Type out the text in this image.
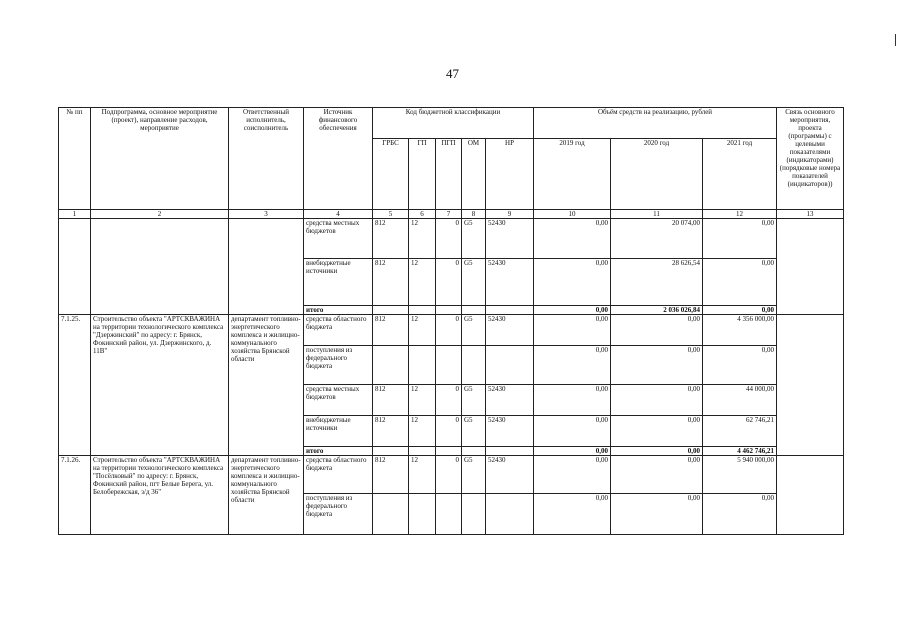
47
№ пп	Подпрограмма, основное мероприятие (проект), направление расходов, мероприятие	Ответственный исполнитель, соисполнитель	Источник финансового обеспечения	Код бюджетной классификации					Объём средств на реализацию, рублей			Связь основного мероприятия, проекта (программы) с целевыми показателями (индикаторами) (порядковые номера показателей (индикаторов))
				ГРБС	ГП	ПГП	ОМ	НР	2019 год	2020 год	2021 год	
1	2	3	4	5	6	7	8	9	10	11	12	13
			средства местных бюджетов	812	12	0	G5	52430	0,00	20 074,00	0,00	
			внебюджетные источники	812	12	0	G5	52430	0,00	28 626,54	0,00	
			итого						0,00	2 036 026,84	0,00	
7.1.25.	Строительство объекта "АРТСКВАЖИНА на территории технологического комплекса "Дзержинский" по адресу: г. Брянск, Фокинский район, ул. Дзержинского, д. 11В"	департамент топливно-энергетического комплекса и жилищно-коммунального хозяйства Брянской области	средства областного бюджета	812	12	0	G5	52430	0,00	0,00	4 356 000,00	
			поступления из федерального бюджета						0,00	0,00	0,00	
			средства местных бюджетов	812	12	0	G5	52430	0,00	0,00	44 000,00	
			внебюджетные источники	812	12	0	G5	52430	0,00	0,00	62 746,21	
			итого						0,00	0,00	4 462 746,21	
7.1.26.	Строительство объекта "АРТСКВАЖИНА на территории технологического комплекса "Посёлковый" по адресу: г. Брянск, Фокинский район, пгт Белые Берега, ул. Белобережская, з/д 36"	департамент топливно-энергетического комплекса и жилищно-коммунального хозяйства Брянской области	средства областного бюджета	812	12	0	G5	52430	0,00	0,00	5 940 000,00	
			поступления из федерального бюджета						0,00	0,00	0,00	
